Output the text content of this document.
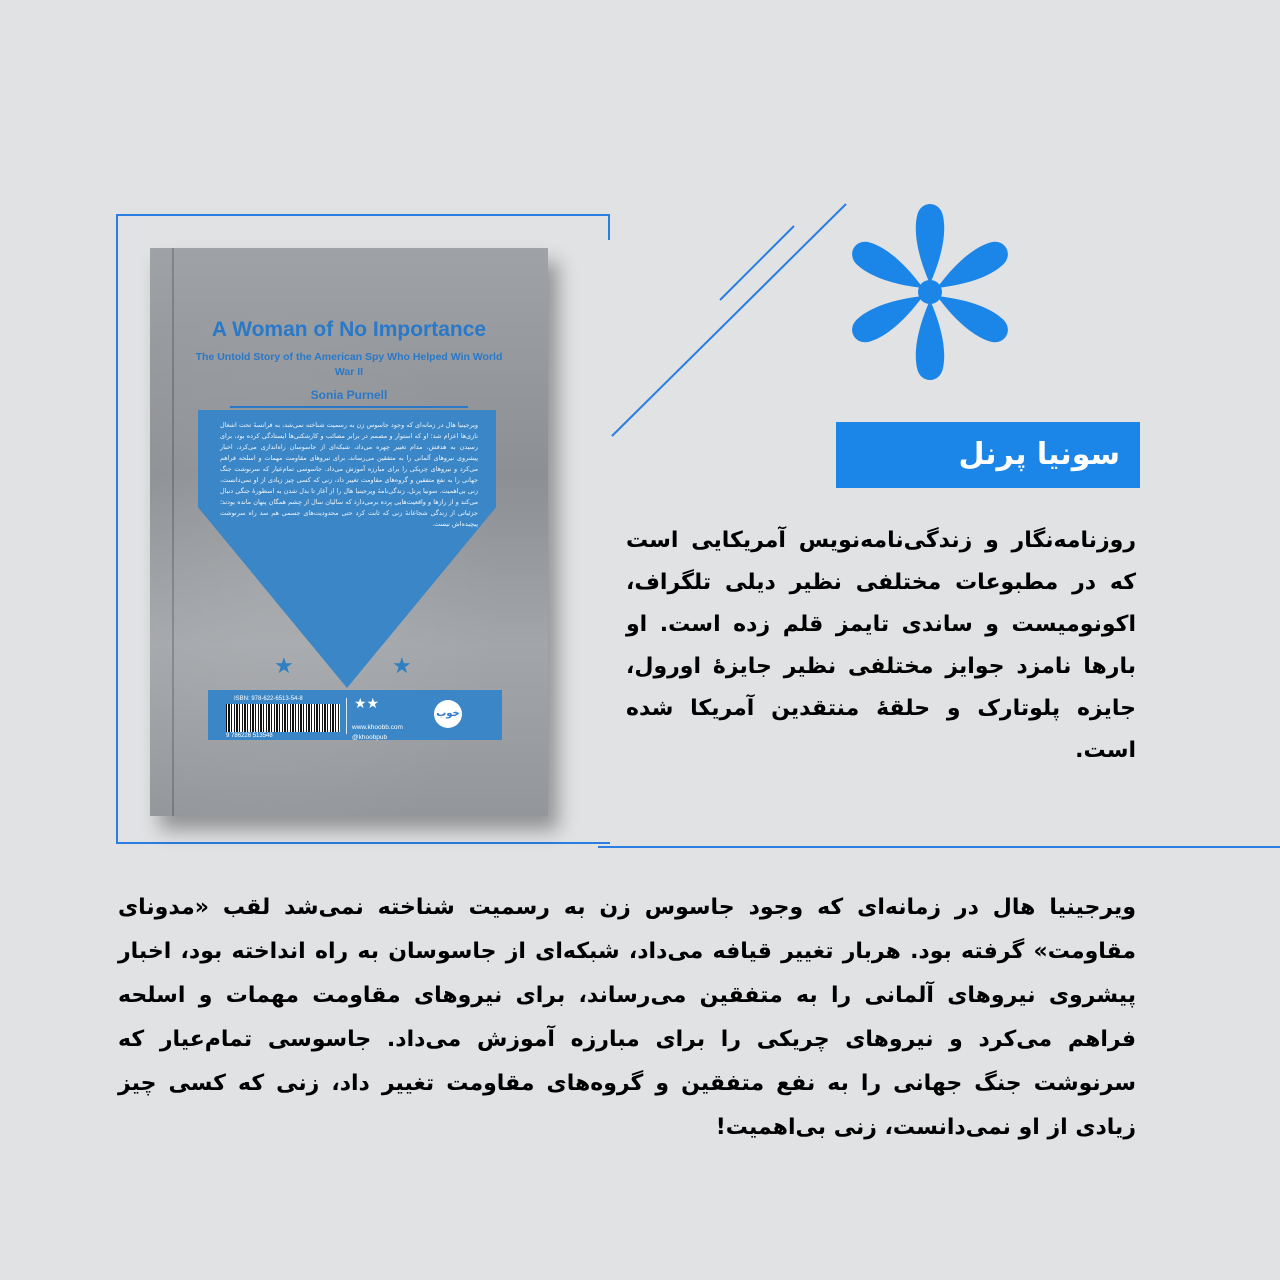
A Woman of No Importance
The Untold Story of the American Spy Who Helped Win World War II
Sonia Purnell
ویرجینیا هال در زمانه‌ای که وجود جاسوس زن به رسمیت شناخته نمی‌شد، به فرانسهٔ تحت اشغال نازی‌ها اعزام شد؛ او که استوار و مصمم در برابر مصائب و کارشکنی‌ها ایستادگی کرده بود، برای رسیدن به هدفش، مدام تغییر چهره می‌داد، شبکه‌ای از جاسوسان راه‌اندازی می‌کرد، اخبار پیشروی نیروهای آلمانی را به متفقین می‌رساند، برای نیروهای مقاومت مهمات و اسلحه فراهم می‌کرد و نیروهای چریکی را برای مبارزه آموزش می‌داد. جاسوسی تمام‌عیار که سرنوشت جنگ جهانی را به نفع متفقین و گروه‌های مقاومت تغییر داد، زنی که کسی چیز زیادی از او نمی‌دانست، زنی بی‌اهمیت. سونیا پرنل، زندگی‌نامهٔ ویرجینیا هال را از آغاز تا بدل شدن به اسطورهٔ جنگی دنبال می‌کند و از رازها و واقعیت‌هایی پرده برمی‌دارد که سالیان سال از چشم همگان پنهان مانده بودند؛ جزئیاتی از زندگی شجاعانهٔ زنی که ثابت کرد حتی محدودیت‌های جسمی هم سد راه سرنوشت پیچیده‌اش نیست.
★	★
ISBN: 978-622-6513-54-8
9 786226 513548
★★
www.khoobb.com
@khoobpub
خوب
سونیا پرنل
روزنامه‌نگار و زندگی‌نامه‌نویس آمریکایی است که در مطبوعات مختلفی نظیر دیلی تلگراف، اکونومیست و ساندی تایمز قلم زده است. او بارها نامزد جوایز مختلفی نظیر جایزهٔ اورول، جایزه پلوتارک و حلقهٔ منتقدین آمریکا شده است.
ویرجینیا هال در زمانه‌ای که وجود جاسوس زن به رسمیت شناخته نمی‌شد لقب «مدونای مقاومت» گرفته بود. هربار تغییر قیافه می‌داد، شبکه‌ای از جاسوسان به راه انداخته بود، اخبار پیشروی نیروهای آلمانی را به متفقین می‌رساند، برای نیروهای مقاومت مهمات و اسلحه فراهم می‌کرد و نیروهای چریکی را برای مبارزه آموزش می‌داد. جاسوسی تمام‌عیار که سرنوشت جنگ جهانی را به نفع متفقین و گروه‌های مقاومت تغییر داد، زنی که کسی چیز زیادی از او نمی‌دانست، زنی بی‌اهمیت!
